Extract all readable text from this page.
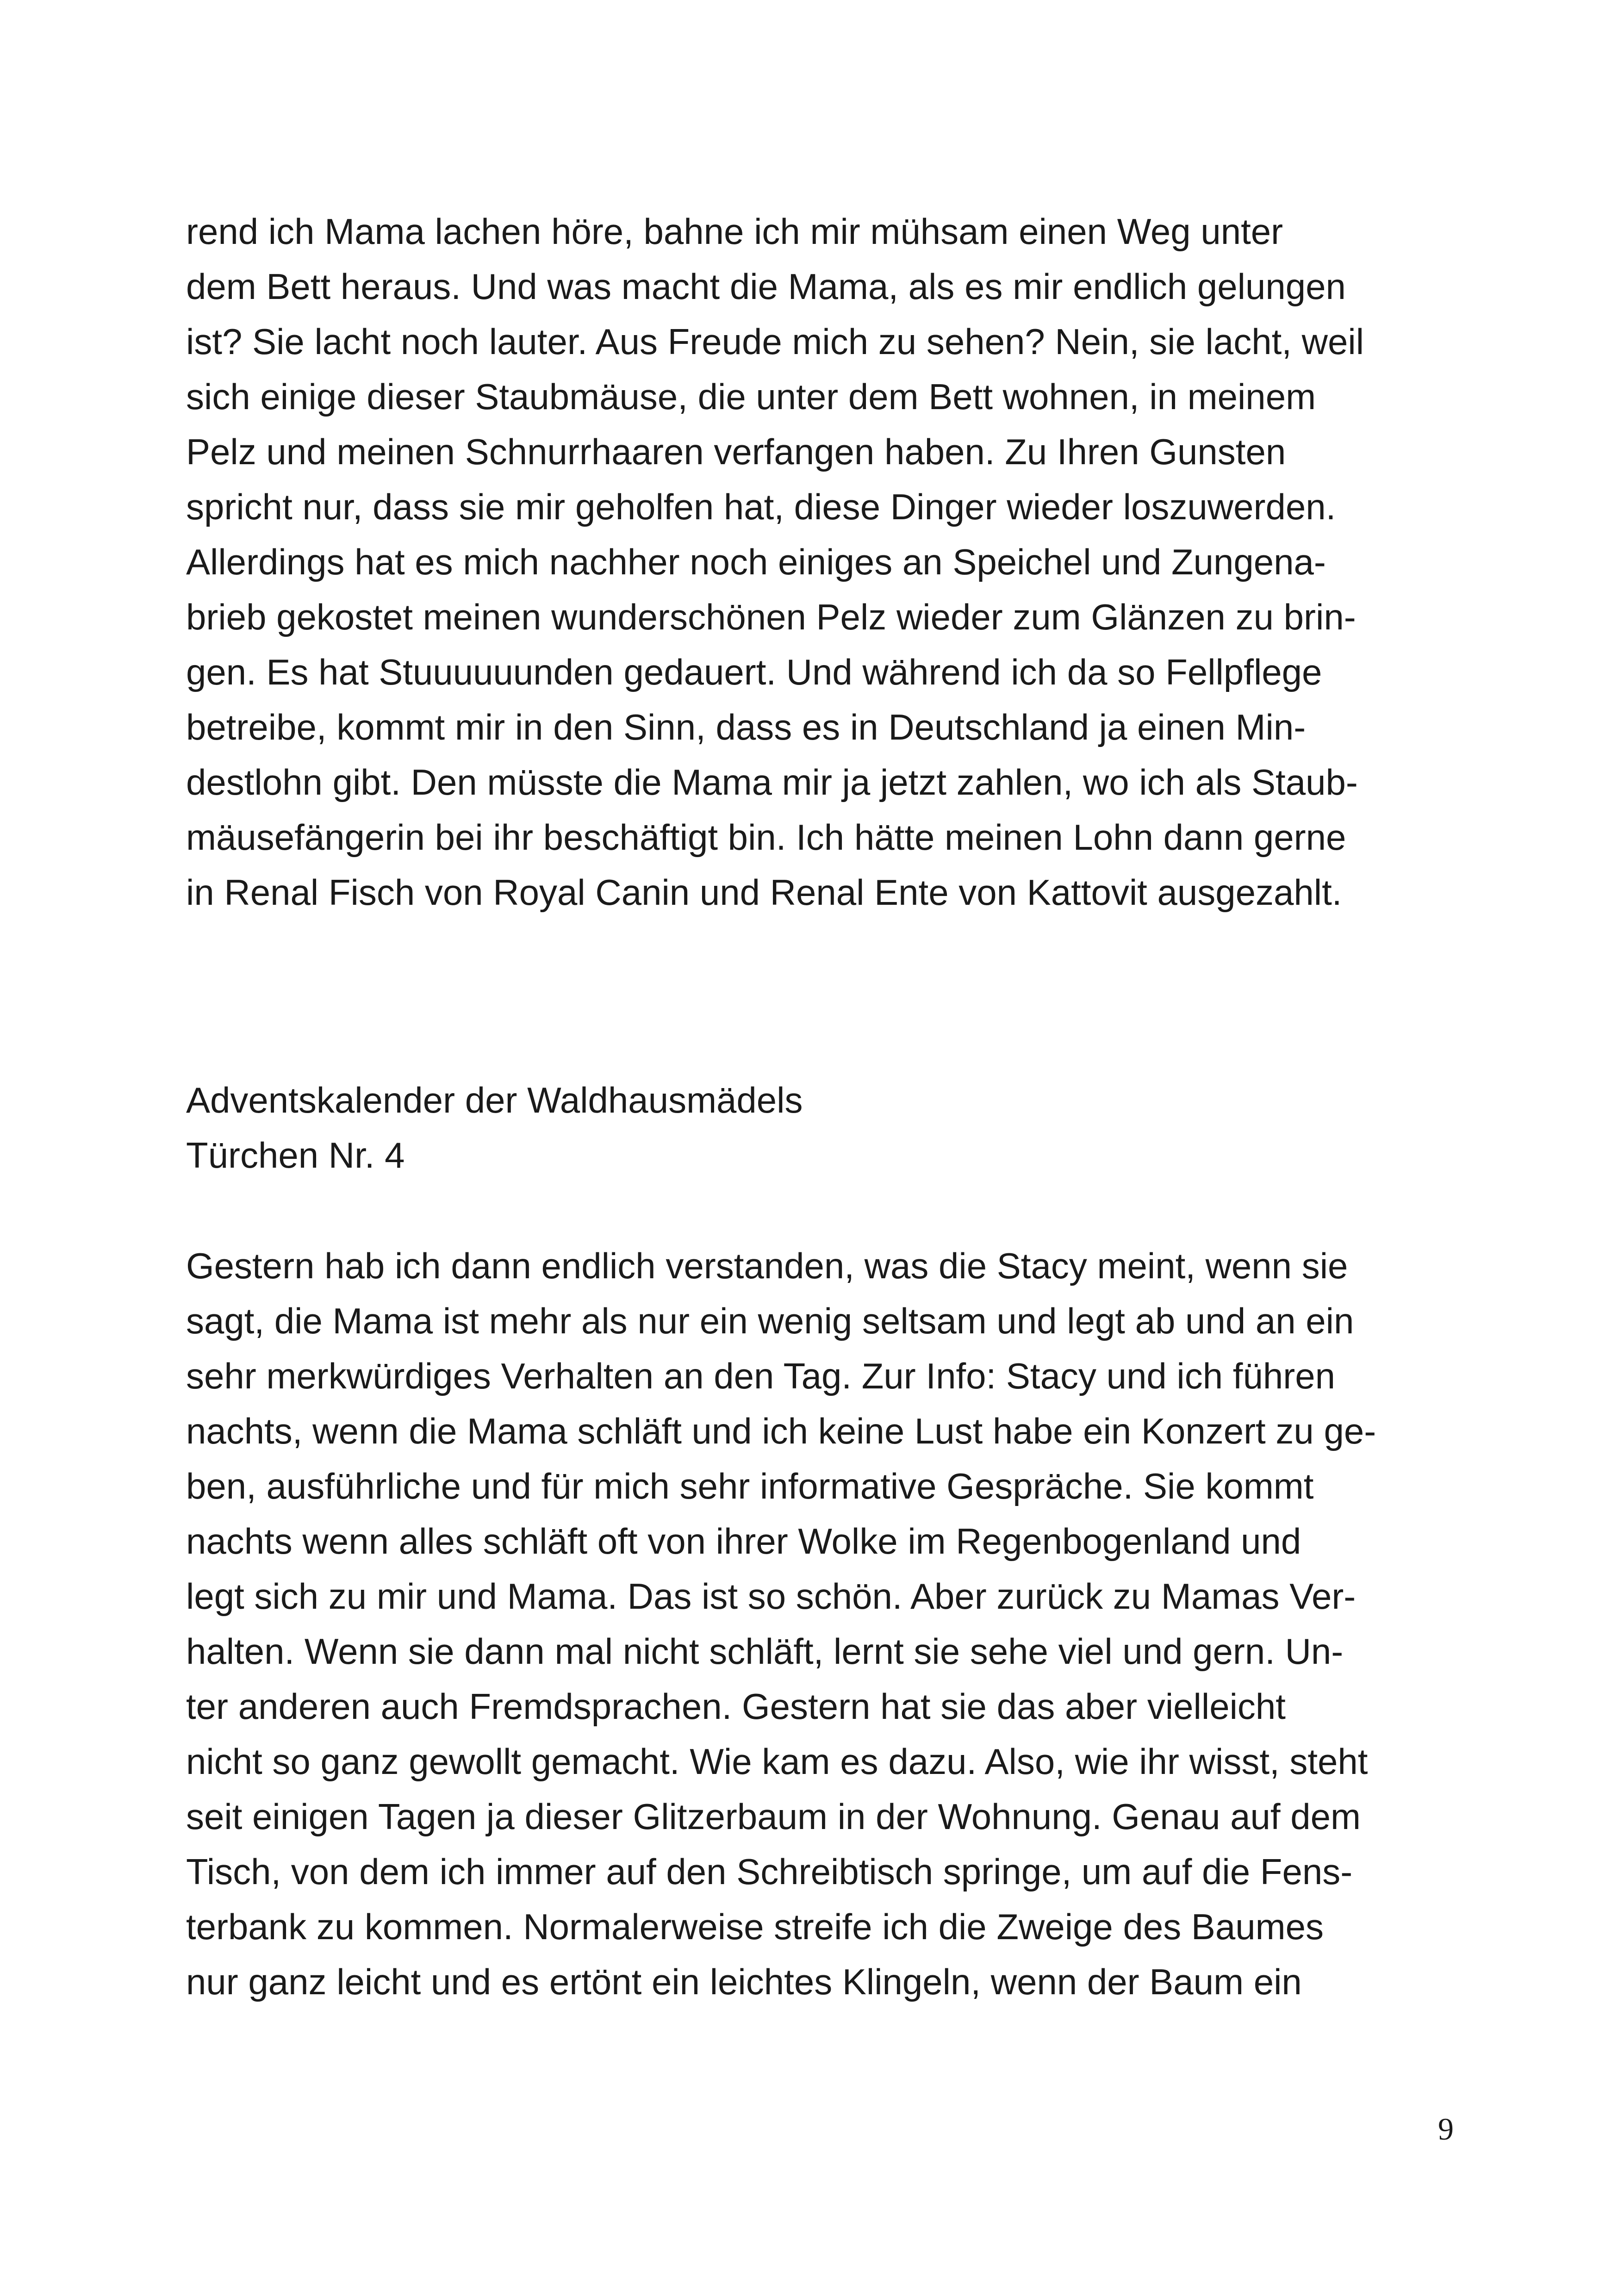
rend ich Mama lachen höre, bahne ich mir mühsam einen Weg unter
dem Bett heraus. Und was macht die Mama, als es mir endlich gelungen
ist? Sie lacht noch lauter. Aus Freude mich zu sehen? Nein, sie lacht, weil
sich einige dieser Staubmäuse, die unter dem Bett wohnen, in meinem
Pelz und meinen Schnurrhaaren verfangen haben. Zu Ihren Gunsten
spricht nur, dass sie mir geholfen hat, diese Dinger wieder loszuwerden.
Allerdings hat es mich nachher noch einiges an Speichel und Zungena-
brieb gekostet meinen wunderschönen Pelz wieder zum Glänzen zu brin-
gen. Es hat Stuuuuuunden gedauert. Und während ich da so Fellpflege
betreibe, kommt mir in den Sinn, dass es in Deutschland ja einen Min-
destlohn gibt. Den müsste die Mama mir ja jetzt zahlen, wo ich als Staub-
mäusefängerin bei ihr beschäftigt bin. Ich hätte meinen Lohn dann gerne
in Renal Fisch von Royal Canin und Renal Ente von Kattovit ausgezahlt.
Adventskalender der Waldhausmädels
Türchen Nr. 4
Gestern hab ich dann endlich verstanden, was die Stacy meint, wenn sie
sagt, die Mama ist mehr als nur ein wenig seltsam und legt ab und an ein
sehr merkwürdiges Verhalten an den Tag. Zur Info: Stacy und ich führen
nachts, wenn die Mama schläft und ich keine Lust habe ein Konzert zu ge-
ben, ausführliche und für mich sehr informative Gespräche. Sie kommt
nachts wenn alles schläft oft von ihrer Wolke im Regenbogenland und
legt sich zu mir und Mama. Das ist so schön. Aber zurück zu Mamas Ver-
halten. Wenn sie dann mal nicht schläft, lernt sie sehe viel und gern. Un-
ter anderen auch Fremdsprachen. Gestern hat sie das aber vielleicht
nicht so ganz gewollt gemacht. Wie kam es dazu. Also, wie ihr wisst, steht
seit einigen Tagen ja dieser Glitzerbaum in der Wohnung. Genau auf dem
Tisch, von dem ich immer auf den Schreibtisch springe, um auf die Fens-
terbank zu kommen. Normalerweise streife ich die Zweige des Baumes
nur ganz leicht und es ertönt ein leichtes Klingeln, wenn der Baum ein
9
